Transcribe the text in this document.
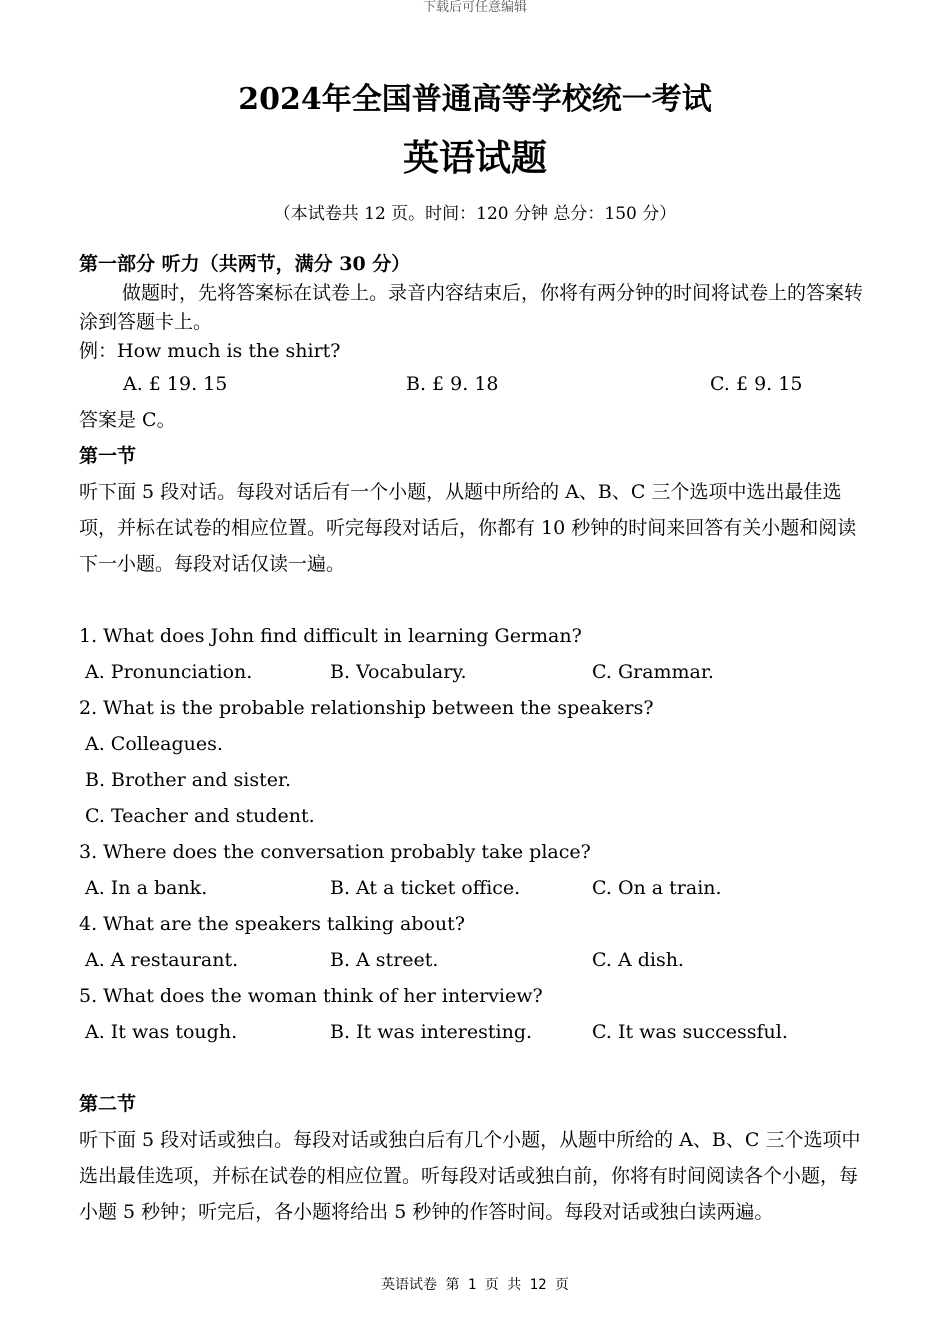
下载后可任意编辑
2024年全国普通高等学校统一考试
英语试题
（本试卷共 12 页。时间：120 分钟 总分：150 分）
第一部分 听力（共两节，满分 30 分）
做题时，先将答案标在试卷上。录音内容结束后，你将有两分钟的时间将试卷上的答案转涂到答题卡上。
例：How much is the shirt?
A. £ 19. 15	B. £ 9. 18	C. £ 9. 15
答案是 C。
第一节
听下面 5 段对话。每段对话后有一个小题，从题中所给的 A、B、C 三个选项中选出最佳选项，并标在试卷的相应位置。听完每段对话后，你都有 10 秒钟的时间来回答有关小题和阅读下一小题。每段对话仅读一遍。
1. What does John find difficult in learning German?
A. Pronunciation.	B. Vocabulary.	C. Grammar.
2. What is the probable relationship between the speakers?
A. Colleagues.
B. Brother and sister.
C. Teacher and student.
3. Where does the conversation probably take place?
A. In a bank.	B. At a ticket office.	C. On a train.
4. What are the speakers talking about?
A. A restaurant.	B. A street.	C. A dish.
5. What does the woman think of her interview?
A. It was tough.	B. It was interesting.	C. It was successful.
第二节
听下面 5 段对话或独白。每段对话或独白后有几个小题，从题中所给的 A、B、C 三个选项中选出最佳选项，并标在试卷的相应位置。听每段对话或独白前，你将有时间阅读各个小题，每小题 5 秒钟；听完后，各小题将给出 5 秒钟的作答时间。每段对话或独白读两遍。
英语试卷 第 1 页 共 12 页
